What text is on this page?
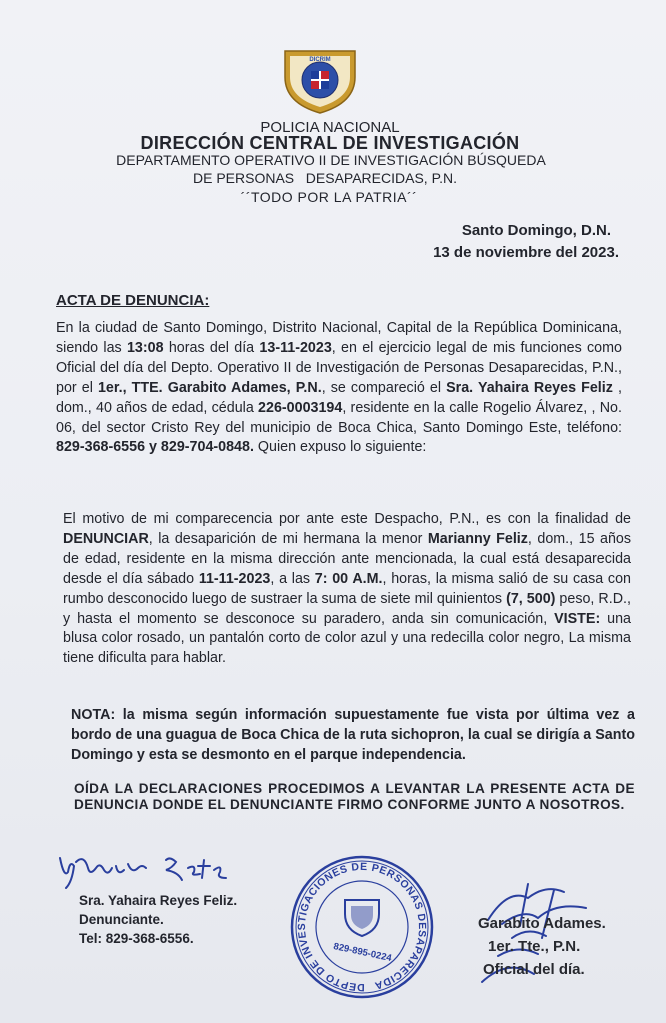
DICRIM
POLICIA NACIONAL
DIRECCIÓN CENTRAL DE INVESTIGACIÓN
DEPARTAMENTO OPERATIVO II DE INVESTIGACIÓN BÚSQUEDA
DE PERSONAS   DESAPARECIDAS, P.N.
´´TODO POR LA PATRIA´´
Santo Domingo, D.N.
13 de noviembre del 2023.
ACTA DE DENUNCIA:
En la ciudad de Santo Domingo, Distrito Nacional, Capital de la República Dominicana, siendo las 13:08 horas del día 13-11-2023, en el ejercicio legal de mis funciones como Oficial del día del Depto. Operativo II de Investigación de Personas Desaparecidas, P.N., por el 1er., TTE. Garabito Adames, P.N., se compareció el Sra. Yahaira Reyes Feliz , dom., 40 años de edad, cédula 226-0003194, residente en la calle Rogelio Álvarez, , No. 06, del sector Cristo Rey del municipio de Boca Chica, Santo Domingo Este, teléfono: 829-368-6556 y 829-704-0848. Quien expuso lo siguiente:
El motivo de mi comparecencia por ante este Despacho, P.N., es con la finalidad de DENUNCIAR, la desaparición de mi hermana la menor Marianny Feliz, dom., 15 años de edad, residente en la misma dirección ante mencionada, la cual está desaparecida desde el día sábado 11-11-2023, a las 7: 00 A.M., horas, la misma salió de su casa con rumbo desconocido luego de sustraer la suma de siete mil quinientos (7, 500) peso, R.D., y hasta el momento se desconoce su paradero, anda sin comunicación, VISTE: una blusa color rosado, un pantalón corto de color azul y una redecilla color negro, La misma tiene dificulta para hablar.
NOTA: la misma según información supuestamente fue vista por última vez a bordo de una guagua de Boca Chica de la ruta sichopron, la cual se dirigía a Santo Domingo y esta se desmonto en el parque independencia.
OÍDA LA DECLARACIONES PROCEDIMOS A LEVANTAR LA PRESENTE ACTA DE DENUNCIA DONDE EL DENUNCIANTE FIRMO CONFORME JUNTO A NOSOTROS.
Sra. Yahaira Reyes Feliz.
Denunciante.
Tel: 829-368-6556.
DEPTO DE INVESTIGACIONES DE PERSONAS DESAPARECIDAS
829-895-0224
Garabito Adames.
1er. Tte., P.N.
Oficial del día.
